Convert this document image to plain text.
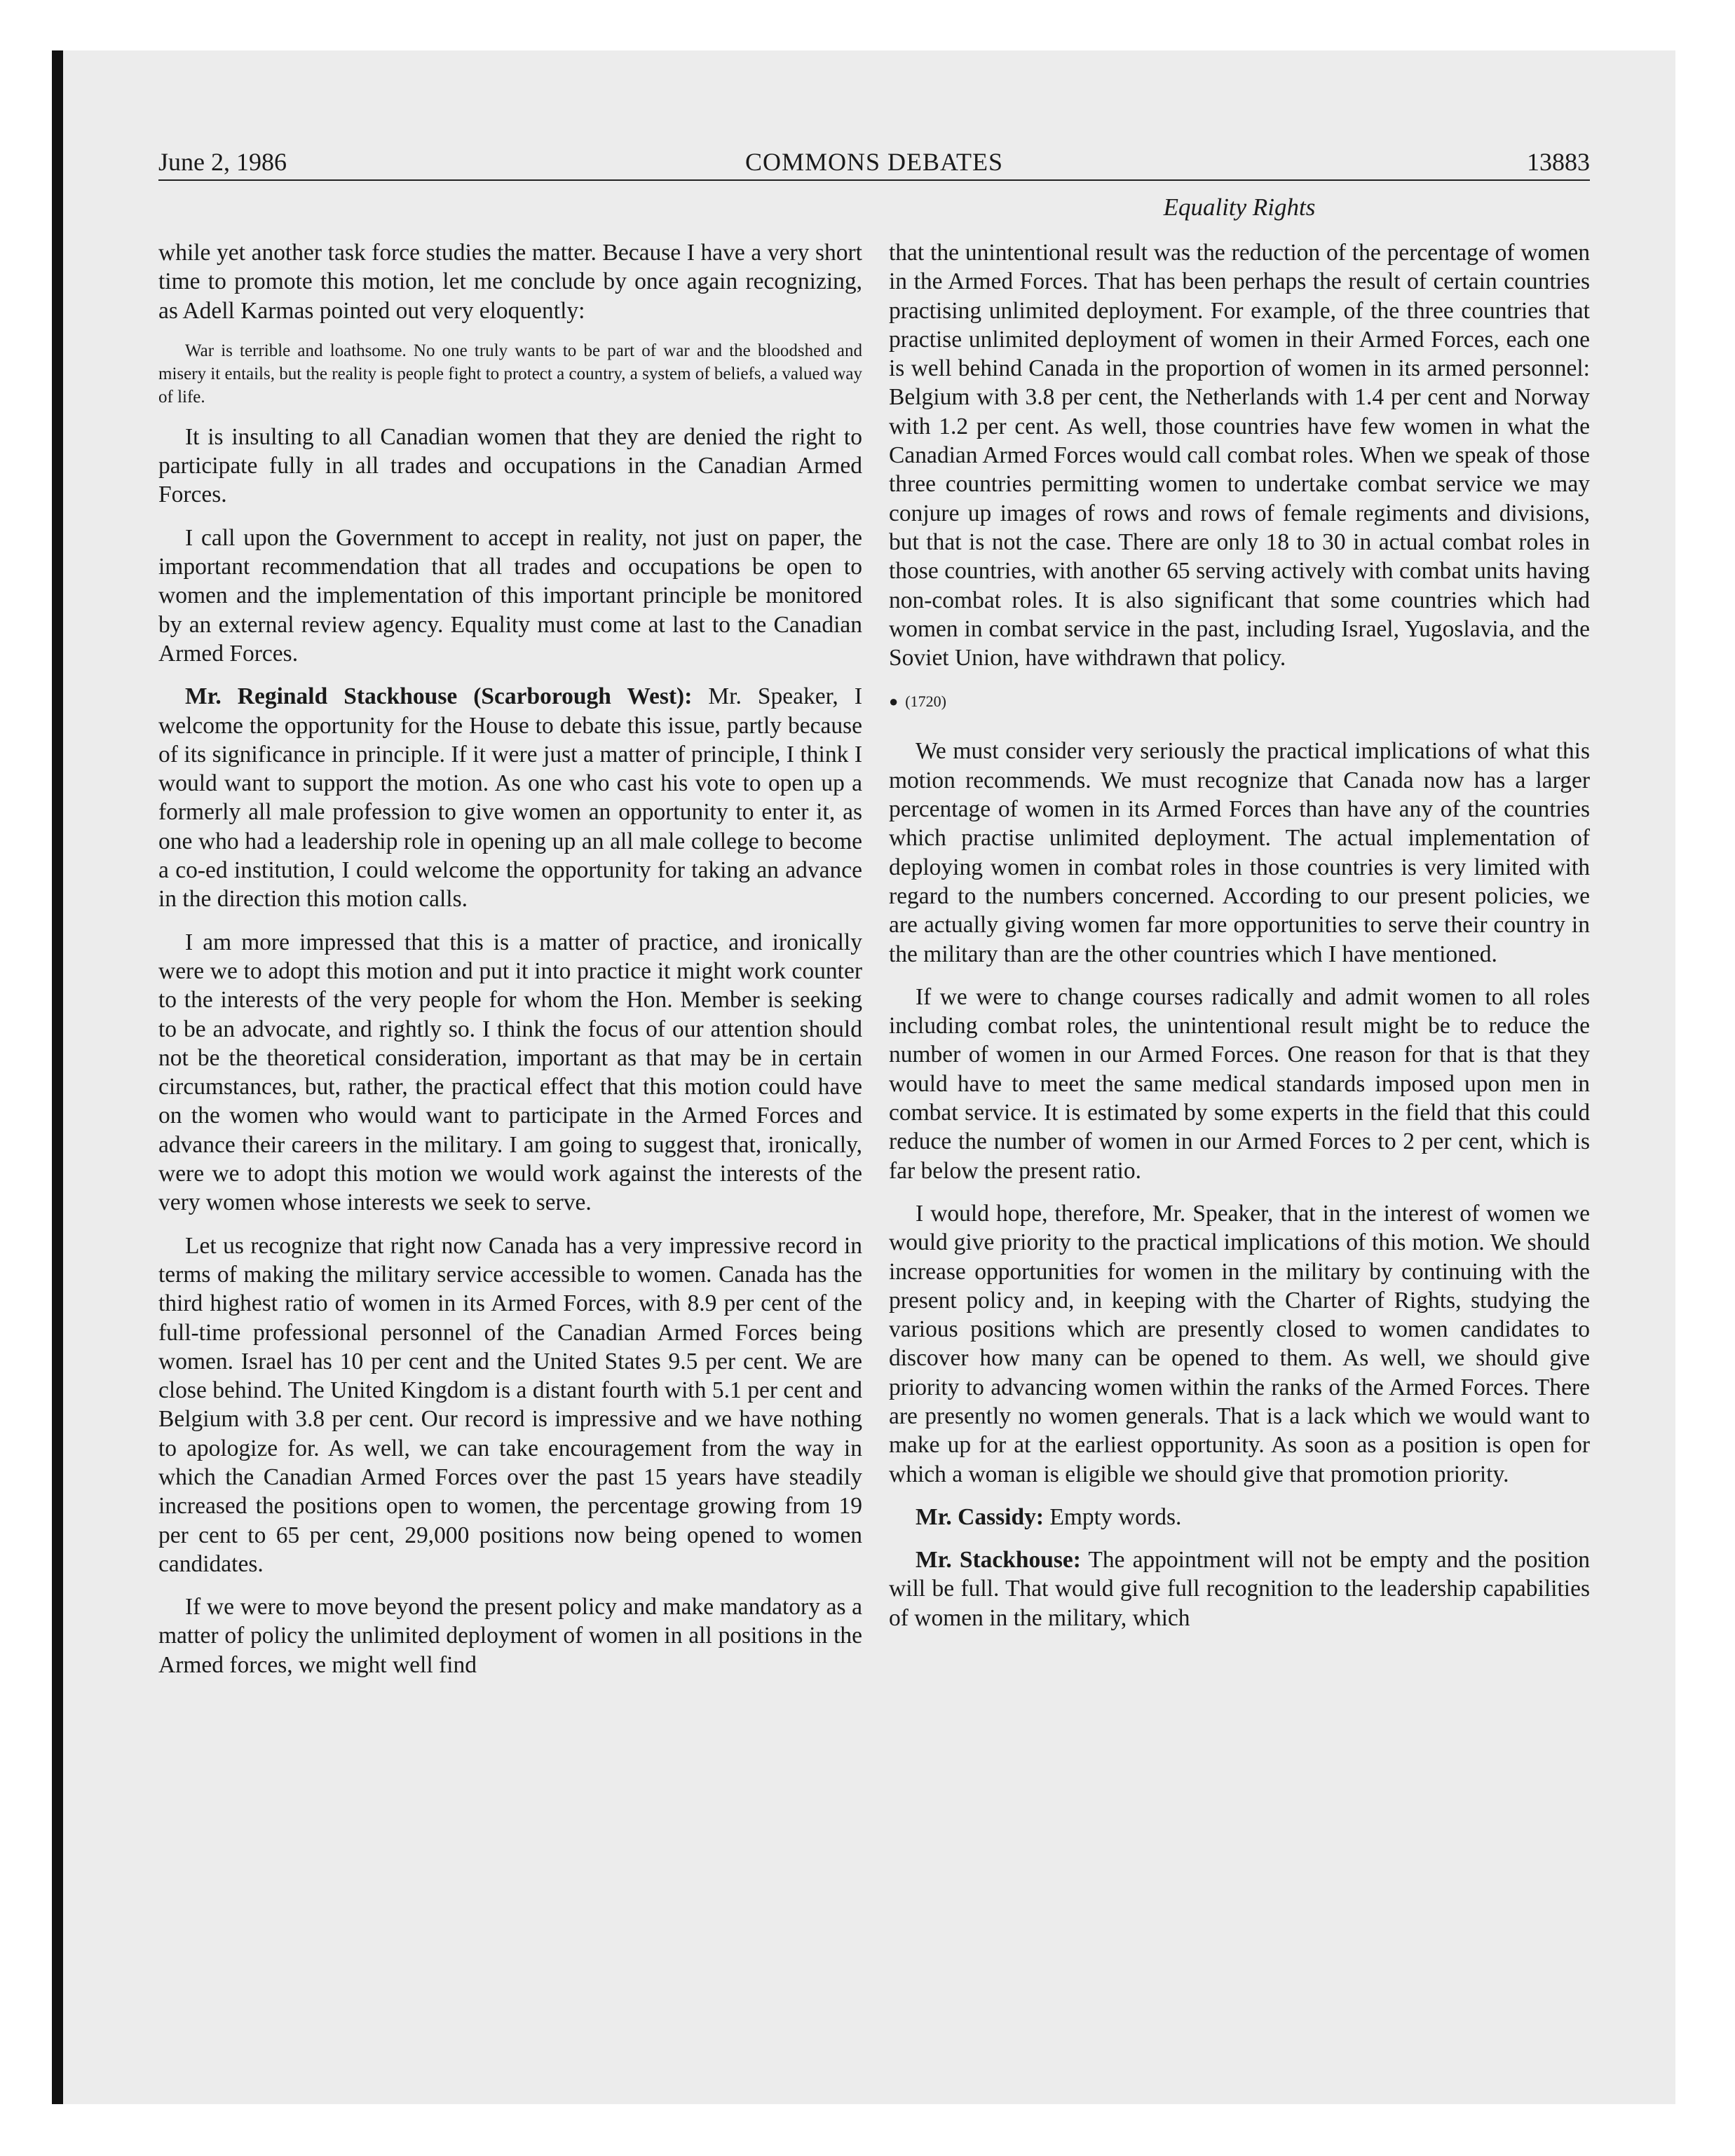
June 2, 1986	COMMONS DEBATES	13883
Equality Rights

while yet another task force studies the matter. Because I have a very short time to promote this motion, let me conclude by once again recognizing, as Adell Karmas pointed out very eloquently:

War is terrible and loathsome. No one truly wants to be part of war and the bloodshed and misery it entails, but the reality is people fight to protect a country, a system of beliefs, a valued way of life.

It is insulting to all Canadian women that they are denied the right to participate fully in all trades and occupations in the Canadian Armed Forces.

I call upon the Government to accept in reality, not just on paper, the important recommendation that all trades and occupations be open to women and the implementation of this important principle be monitored by an external review agency. Equality must come at last to the Canadian Armed Forces.

Mr. Reginald Stackhouse (Scarborough West): Mr. Speaker, I welcome the opportunity for the House to debate this issue, partly because of its significance in principle. If it were just a matter of principle, I think I would want to support the motion. As one who cast his vote to open up a formerly all male profession to give women an opportunity to enter it, as one who had a leadership role in opening up an all male college to become a co-ed institution, I could welcome the opportunity for taking an advance in the direction this motion calls.

I am more impressed that this is a matter of practice, and ironically were we to adopt this motion and put it into practice it might work counter to the interests of the very people for whom the Hon. Member is seeking to be an advocate, and rightly so. I think the focus of our attention should not be the theoretical consideration, important as that may be in certain circumstances, but, rather, the practical effect that this motion could have on the women who would want to participate in the Armed Forces and advance their careers in the military. I am going to suggest that, ironically, were we to adopt this motion we would work against the interests of the very women whose interests we seek to serve.

Let us recognize that right now Canada has a very impressive record in terms of making the military service accessible to women. Canada has the third highest ratio of women in its Armed Forces, with 8.9 per cent of the full-time professional personnel of the Canadian Armed Forces being women. Israel has 10 per cent and the United States 9.5 per cent. We are close behind. The United Kingdom is a distant fourth with 5.1 per cent and Belgium with 3.8 per cent. Our record is impressive and we have nothing to apologize for. As well, we can take encouragement from the way in which the Canadian Armed Forces over the past 15 years have steadily increased the positions open to women, the percentage growing from 19 per cent to 65 per cent, 29,000 positions now being opened to women candidates.

If we were to move beyond the present policy and make mandatory as a matter of policy the unlimited deployment of women in all positions in the Armed forces, we might well find

that the unintentional result was the reduction of the percentage of women in the Armed Forces. That has been perhaps the result of certain countries practising unlimited deployment. For example, of the three countries that practise unlimited deployment of women in their Armed Forces, each one is well behind Canada in the proportion of women in its armed personnel: Belgium with 3.8 per cent, the Netherlands with 1.4 per cent and Norway with 1.2 per cent. As well, those countries have few women in what the Canadian Armed Forces would call combat roles. When we speak of those three countries permitting women to undertake combat service we may conjure up images of rows and rows of female regiments and divisions, but that is not the case. There are only 18 to 30 in actual combat roles in those countries, with another 65 serving actively with combat units having non-combat roles. It is also significant that some countries which had women in combat service in the past, including Israel, Yugoslavia, and the Soviet Union, have withdrawn that policy.

● (1720)

We must consider very seriously the practical implications of what this motion recommends. We must recognize that Canada now has a larger percentage of women in its Armed Forces than have any of the countries which practise unlimited deployment. The actual implementation of deploying women in combat roles in those countries is very limited with regard to the numbers concerned. According to our present policies, we are actually giving women far more opportunities to serve their country in the military than are the other countries which I have mentioned.

If we were to change courses radically and admit women to all roles including combat roles, the unintentional result might be to reduce the number of women in our Armed Forces. One reason for that is that they would have to meet the same medical standards imposed upon men in combat service. It is estimated by some experts in the field that this could reduce the number of women in our Armed Forces to 2 per cent, which is far below the present ratio.

I would hope, therefore, Mr. Speaker, that in the interest of women we would give priority to the practical implications of this motion. We should increase opportunities for women in the military by continuing with the present policy and, in keeping with the Charter of Rights, studying the various positions which are presently closed to women candidates to discover how many can be opened to them. As well, we should give priority to advancing women within the ranks of the Armed Forces. There are presently no women generals. That is a lack which we would want to make up for at the earliest opportunity. As soon as a position is open for which a woman is eligible we should give that promotion priority.

Mr. Cassidy: Empty words.

Mr. Stackhouse: The appointment will not be empty and the position will be full. That would give full recognition to the leadership capabilities of women in the military, which
